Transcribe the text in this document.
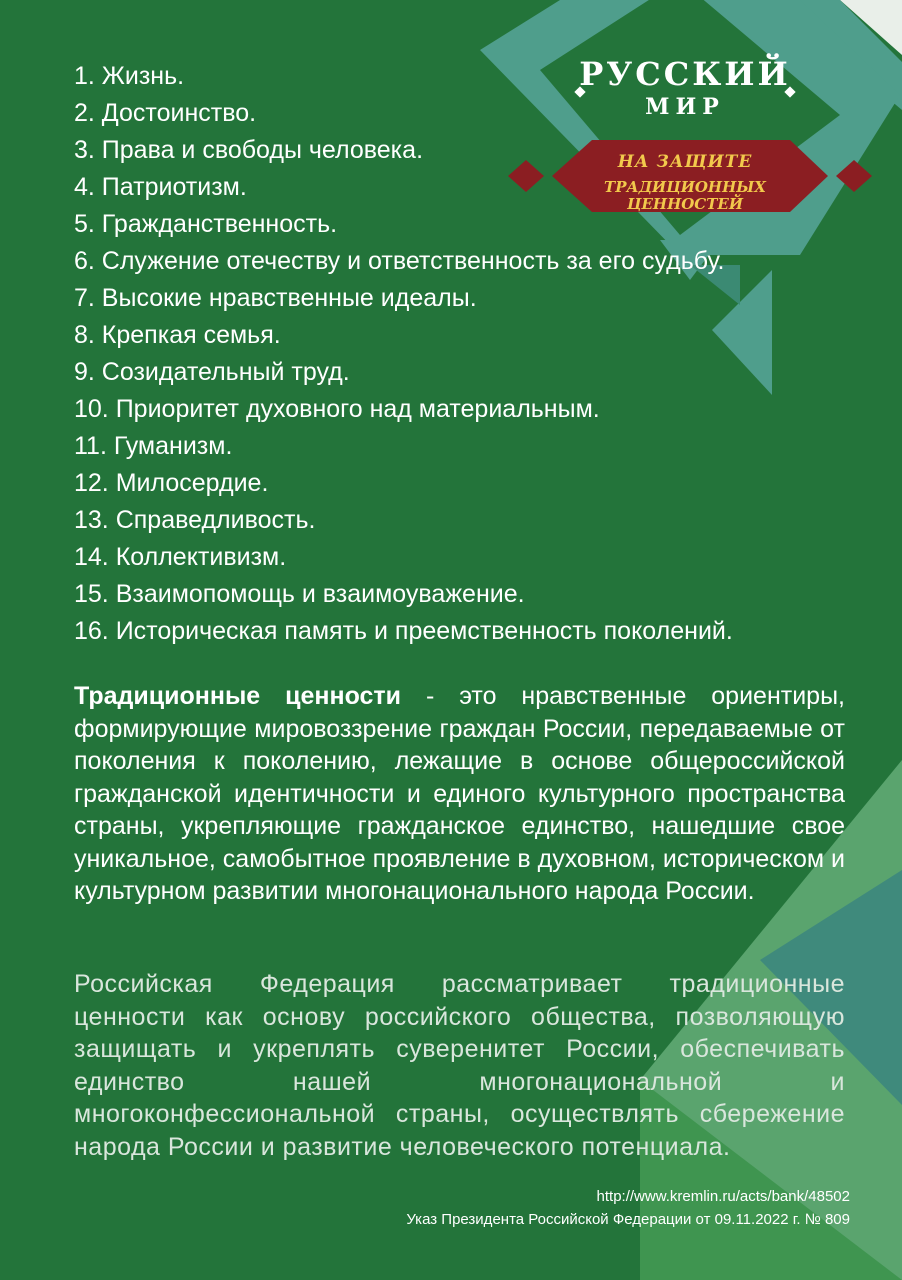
РУССКИЙ
МИР
НА ЗАЩИТЕ
ТРАДИЦИОННЫХ ЦЕННОСТЕЙ
1. Жизнь.
2. Достоинство.
3. Права и свободы человека.
4. Патриотизм.
5. Гражданственность.
6. Служение отечеству и ответственность за его судьбу.
7. Высокие нравственные идеалы.
8. Крепкая семья.
9. Созидательный труд.
10. Приоритет духовного над материальным.
11. Гуманизм.
12. Милосердие.
13. Справедливость.
14. Коллективизм.
15. Взаимопомощь и взаимоуважение.
16. Историческая память и преемственность поколений.

Традиционные ценности - это нравственные ориентиры, формирующие мировоззрение граждан России, передаваемые от поколения к поколению, лежащие в основе общероссийской гражданской идентичности и единого культурного пространства страны, укрепляющие гражданское единство, нашедшие свое уникальное, самобытное проявление в духовном, историческом и культурном развитии многонационального народа России.

Российская Федерация рассматривает традиционные ценности как основу российского общества, позволяющую защищать и укреплять суверенитет России, обеспечивать единство нашей многонациональной и многоконфессиональной страны, осуществлять сбережение народа России и развитие человеческого потенциала.

http://www.kremlin.ru/acts/bank/48502
Указ Президента Российской Федерации от 09.11.2022 г. № 809
